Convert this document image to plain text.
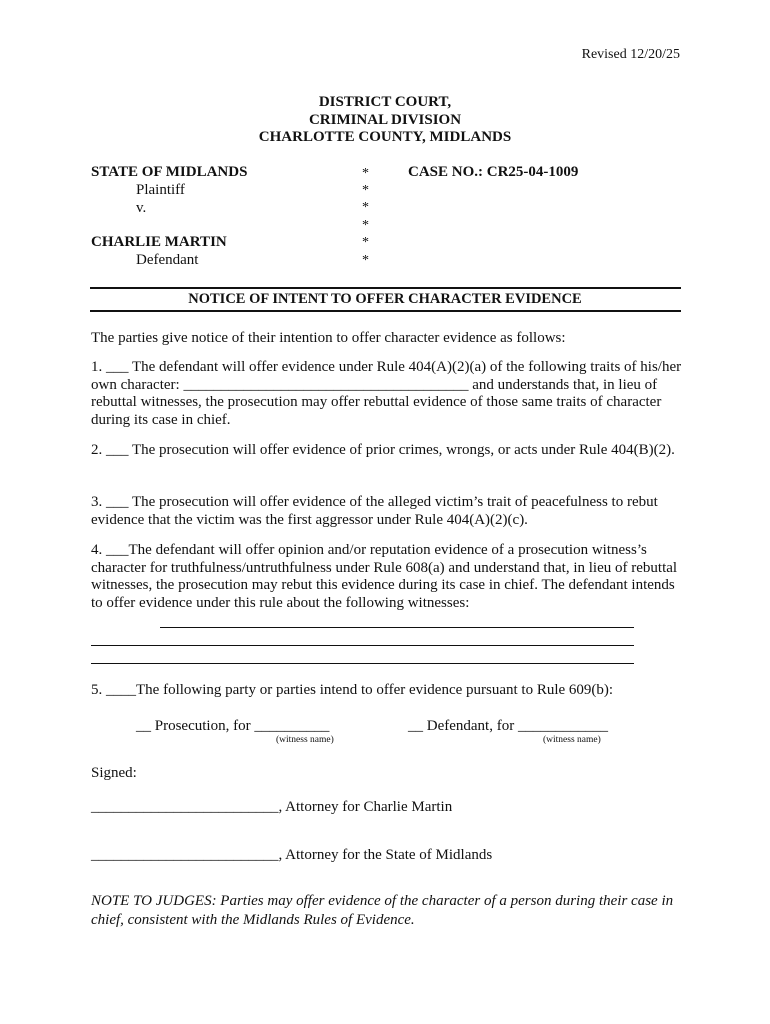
Revised 12/20/25
DISTRICT COURT,
CRIMINAL DIVISION
CHARLOTTE COUNTY, MIDLANDS
STATE OF MIDLANDS
Plaintiff
v.
CHARLIE MARTIN
Defendant
*
*
*
*
*
*
CASE NO.: CR25-04-1009
NOTICE OF INTENT TO OFFER CHARACTER EVIDENCE
The parties give notice of their intention to offer character evidence as follows:
1. ___ The defendant will offer evidence under Rule 404(A)(2)(a) of the following traits of his/her own character: ______________________________________ and understands that, in lieu of rebuttal witnesses, the prosecution may offer rebuttal evidence of those same traits of character during its case in chief.
2. ___ The prosecution will offer evidence of prior crimes, wrongs, or acts under Rule 404(B)(2).
3. ___ The prosecution will offer evidence of the alleged victim’s trait of peacefulness to rebut evidence that the victim was the first aggressor under Rule 404(A)(2)(c).
4. ___The defendant will offer opinion and/or reputation evidence of a prosecution witness’s character for truthfulness/untruthfulness under Rule 608(a) and understand that, in lieu of rebuttal witnesses, the prosecution may rebut this evidence during its case in chief. The defendant intends to offer evidence under this rule about the following witnesses:
5. ____The following party or parties intend to offer evidence pursuant to Rule 609(b):
__ Prosecution, for __________	__ Defendant, for ____________
(witness name)	(witness name)
Signed:
_________________________, Attorney for Charlie Martin
_________________________, Attorney for the State of Midlands
NOTE TO JUDGES: Parties may offer evidence of the character of a person during their case in chief, consistent with the Midlands Rules of Evidence.
